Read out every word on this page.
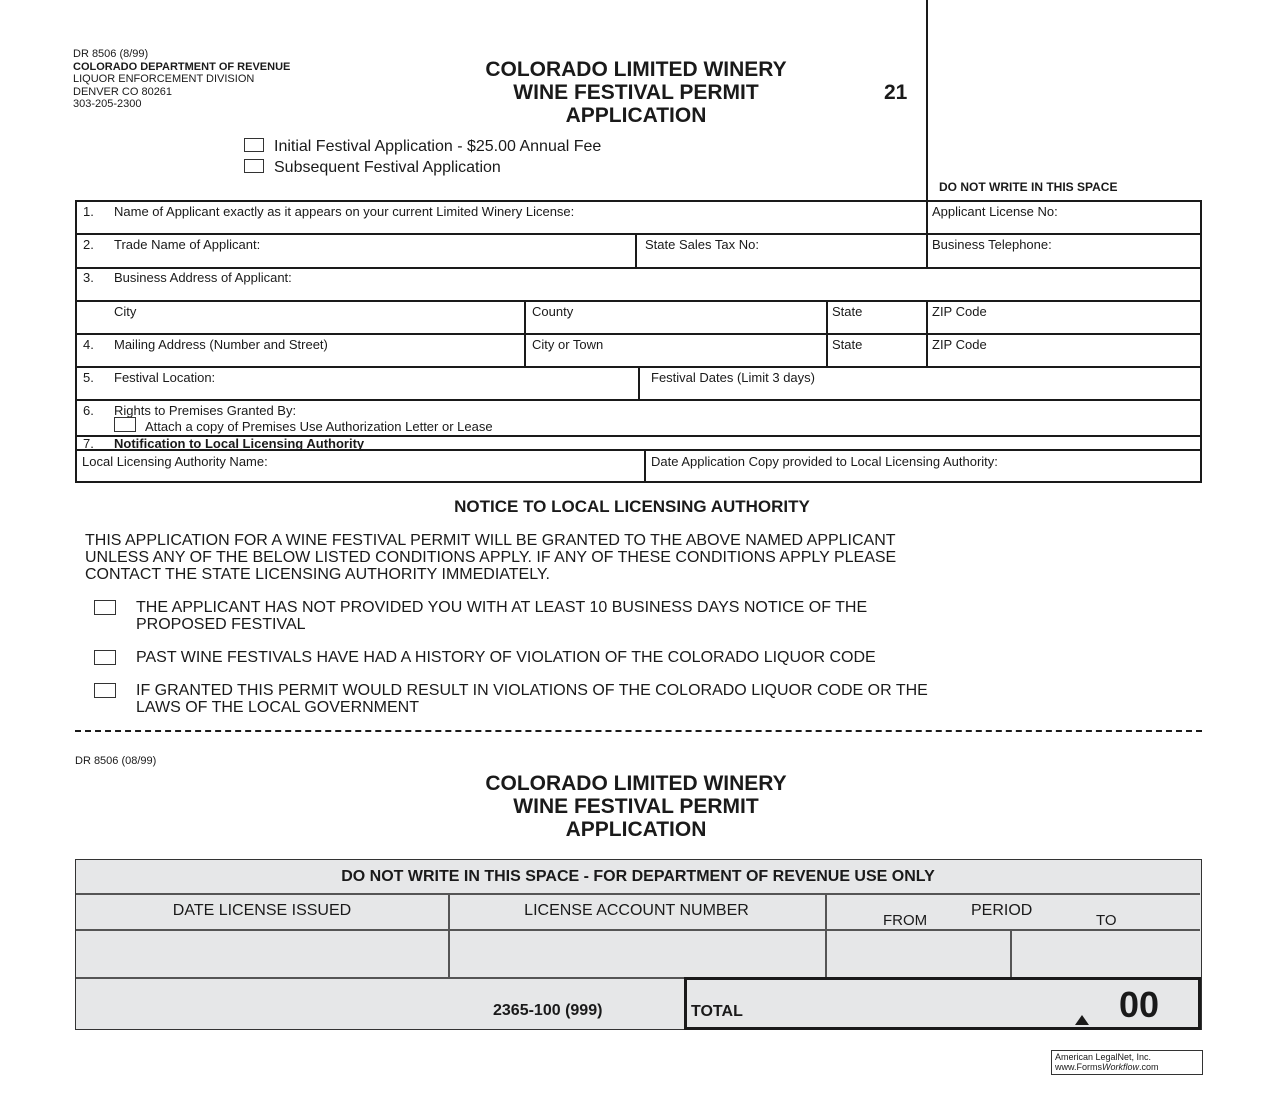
DR 8506 (8/99)
COLORADO DEPARTMENT OF REVENUE
LIQUOR ENFORCEMENT DIVISION
DENVER CO 80261
303-205-2300
COLORADO LIMITED WINERY
WINE FESTIVAL PERMIT
APPLICATION
21
Initial Festival Application - $25.00 Annual Fee
Subsequent Festival Application
DO NOT WRITE IN THIS SPACE
1. Name of Applicant exactly as it appears on your current Limited Winery License:	Applicant License No:
2. Trade Name of Applicant:	State Sales Tax No:	Business Telephone:
3. Business Address of Applicant:
City	County	State	ZIP Code
4. Mailing Address (Number and Street)	City or Town	State	ZIP Code
5. Festival Location:	Festival Dates (Limit 3 days)
6. Rights to Premises Granted By:
Attach a copy of Premises Use Authorization Letter or Lease
7. Notification to Local Licensing Authority
Local Licensing Authority Name:	Date Application Copy provided to Local Licensing Authority:
NOTICE TO LOCAL LICENSING AUTHORITY
THIS APPLICATION FOR A WINE FESTIVAL PERMIT WILL BE GRANTED TO THE ABOVE NAMED APPLICANT
UNLESS ANY OF THE BELOW LISTED CONDITIONS APPLY. IF ANY OF THESE CONDITIONS APPLY PLEASE
CONTACT THE STATE LICENSING AUTHORITY IMMEDIATELY.
THE APPLICANT HAS NOT PROVIDED YOU WITH AT LEAST 10 BUSINESS DAYS NOTICE OF THE
PROPOSED FESTIVAL
PAST WINE FESTIVALS HAVE HAD A HISTORY OF VIOLATION OF THE COLORADO LIQUOR CODE
IF GRANTED THIS PERMIT WOULD RESULT IN VIOLATIONS OF THE COLORADO LIQUOR CODE OR THE
LAWS OF THE LOCAL GOVERNMENT
DR 8506 (08/99)
COLORADO LIMITED WINERY
WINE FESTIVAL PERMIT
APPLICATION
DO NOT WRITE IN THIS SPACE - FOR DEPARTMENT OF REVENUE USE ONLY
DATE LICENSE ISSUED	LICENSE ACCOUNT NUMBER	PERIOD
FROM	TO
2365-100 (999)	TOTAL	00
American LegalNet, Inc.
www.FormsWorkflow.com
